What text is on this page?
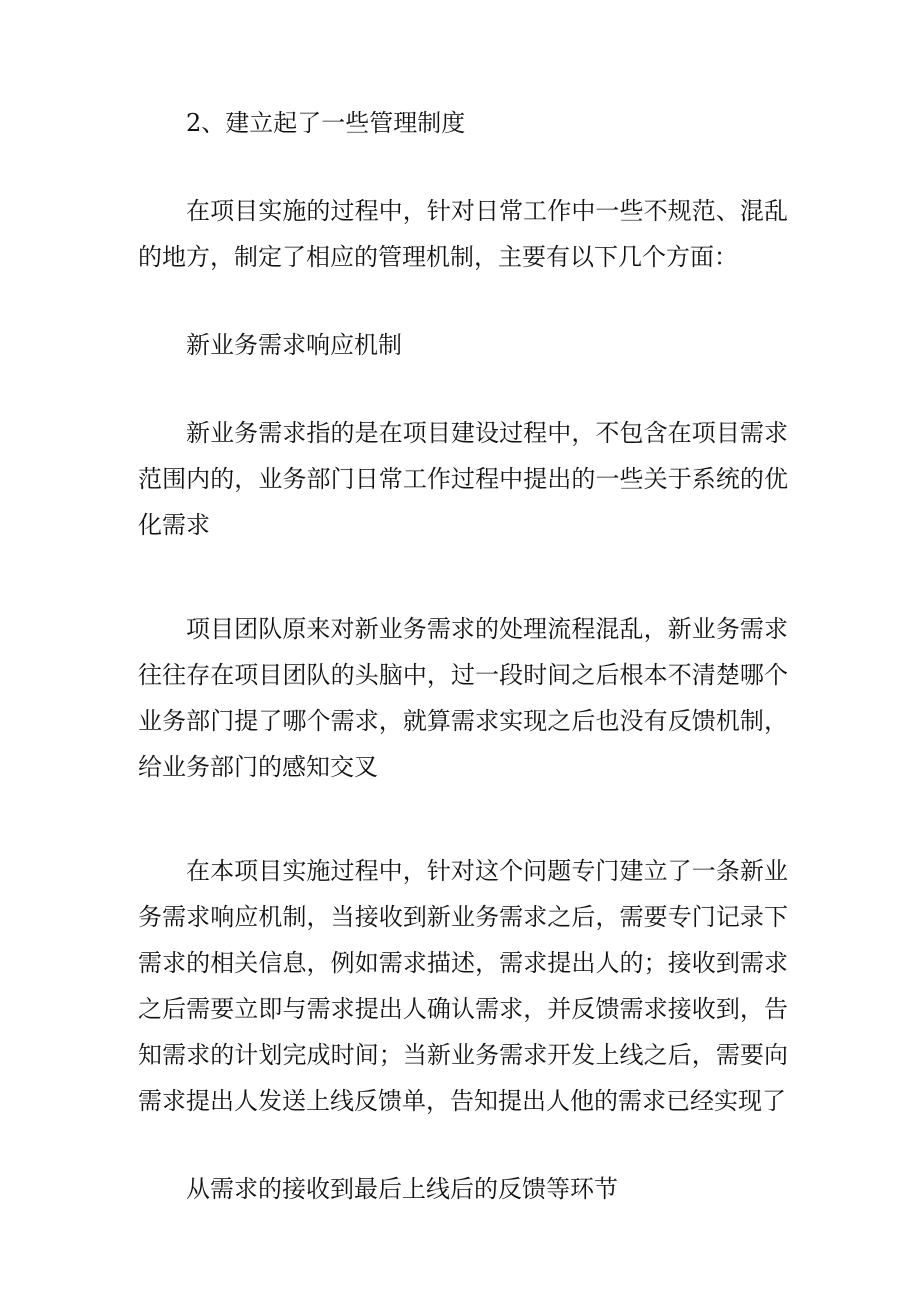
2、建立起了一些管理制度

在项目实施的过程中，针对日常工作中一些不规范、混乱的地方，制定了相应的管理机制，主要有以下几个方面：

新业务需求响应机制

新业务需求指的是在项目建设过程中，不包含在项目需求范围内的，业务部门日常工作过程中提出的一些关于系统的优化需求

项目团队原来对新业务需求的处理流程混乱，新业务需求往往存在项目团队的头脑中，过一段时间之后根本不清楚哪个业务部门提了哪个需求，就算需求实现之后也没有反馈机制，给业务部门的感知交叉

在本项目实施过程中，针对这个问题专门建立了一条新业务需求响应机制，当接收到新业务需求之后，需要专门记录下需求的相关信息，例如需求描述，需求提出人的；接收到需求之后需要立即与需求提出人确认需求，并反馈需求接收到，告知需求的计划完成时间；当新业务需求开发上线之后，需要向需求提出人发送上线反馈单，告知提出人他的需求已经实现了

从需求的接收到最后上线后的反馈等环节
